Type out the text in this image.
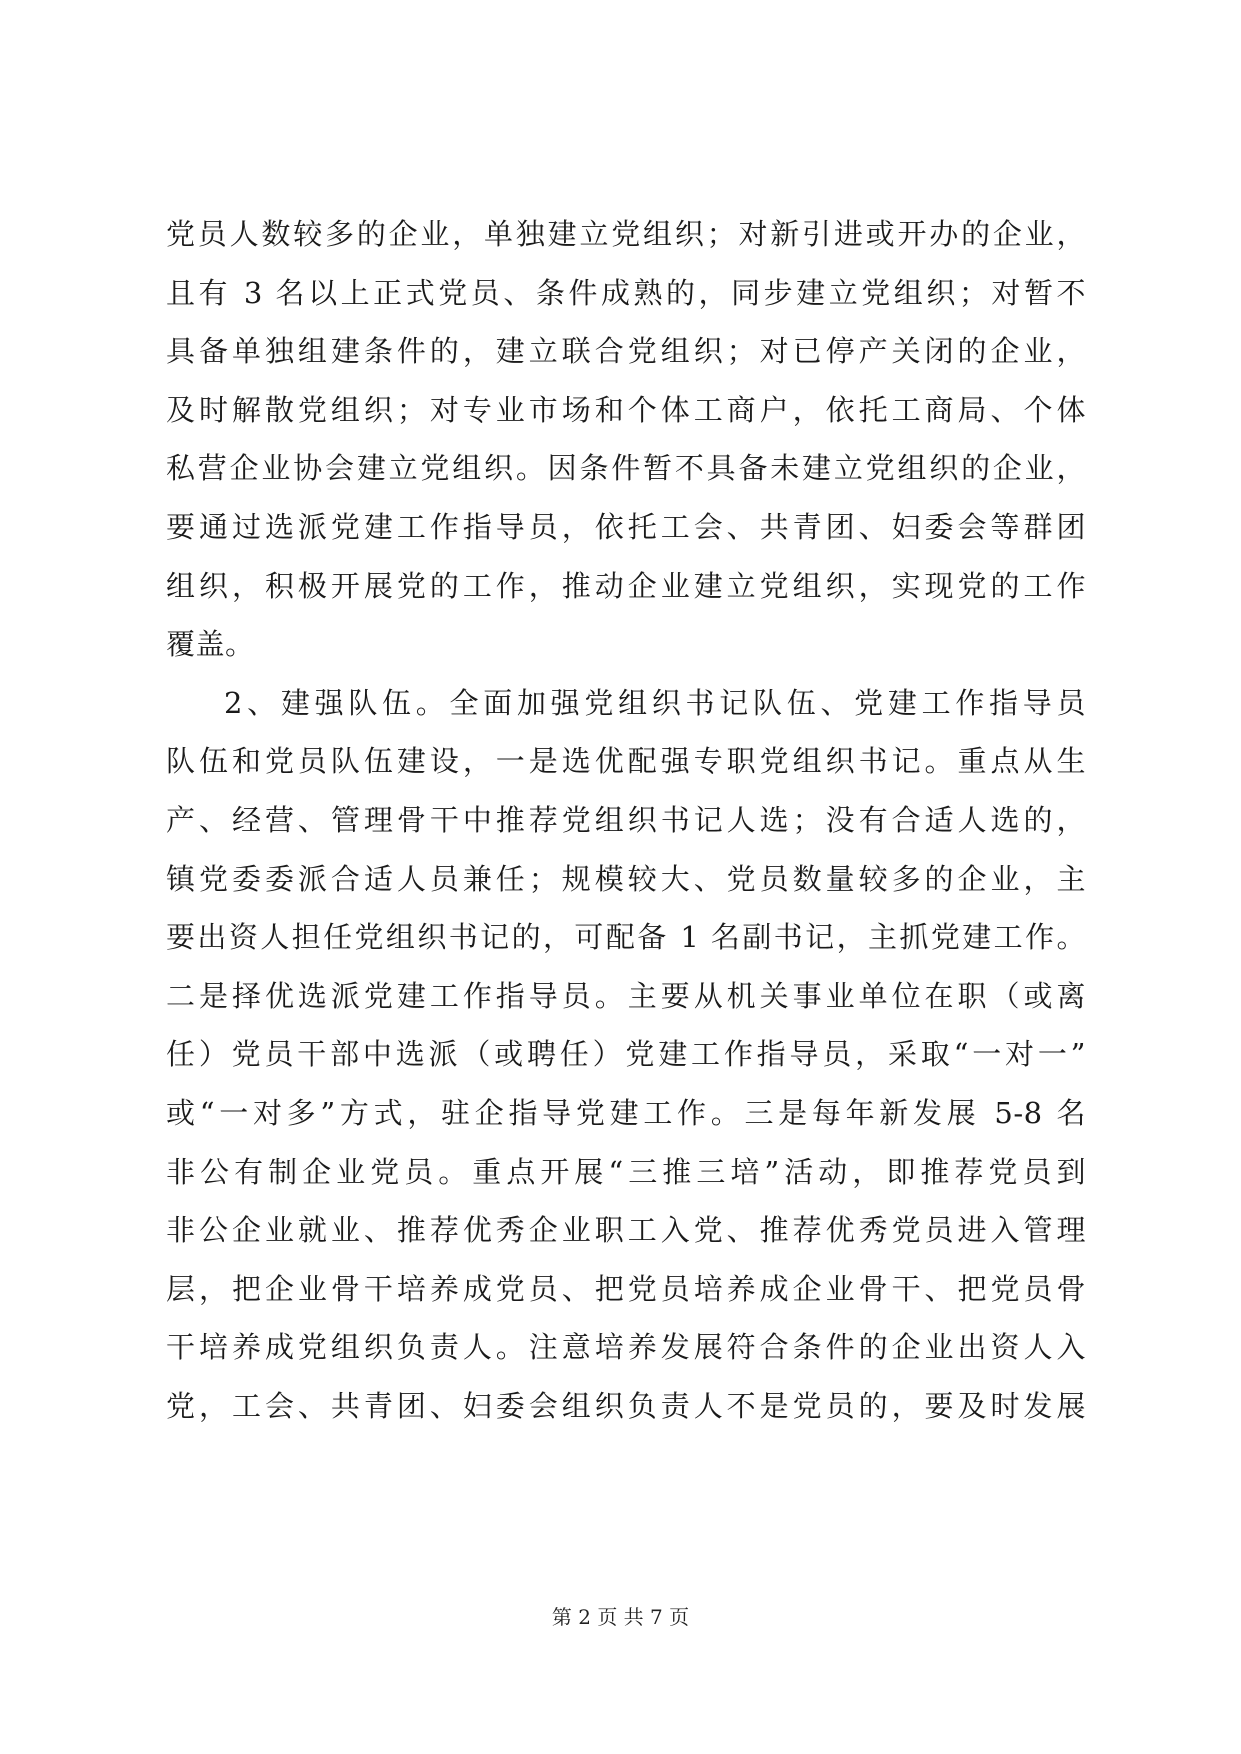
党员人数较多的企业，单独建立党组织；对新引进或开办的企业，
且有 3 名以上正式党员、条件成熟的，同步建立党组织；对暂不
具备单独组建条件的，建立联合党组织；对已停产关闭的企业，
及时解散党组织；对专业市场和个体工商户，依托工商局、个体
私营企业协会建立党组织。因条件暂不具备未建立党组织的企业，
要通过选派党建工作指导员，依托工会、共青团、妇委会等群团
组织，积极开展党的工作，推动企业建立党组织，实现党的工作
覆盖。
2、建强队伍。全面加强党组织书记队伍、党建工作指导员
队伍和党员队伍建设，一是选优配强专职党组织书记。重点从生
产、经营、管理骨干中推荐党组织书记人选；没有合适人选的，
镇党委委派合适人员兼任；规模较大、党员数量较多的企业，主
要出资人担任党组织书记的，可配备 1 名副书记，主抓党建工作。
二是择优选派党建工作指导员。主要从机关事业单位在职（或离
任）党员干部中选派（或聘任）党建工作指导员，采取“一对一”
或“一对多”方式，驻企指导党建工作。三是每年新发展 5-8 名
非公有制企业党员。重点开展“三推三培”活动，即推荐党员到
非公企业就业、推荐优秀企业职工入党、推荐优秀党员进入管理
层，把企业骨干培养成党员、把党员培养成企业骨干、把党员骨
干培养成党组织负责人。注意培养发展符合条件的企业出资人入
党，工会、共青团、妇委会组织负责人不是党员的，要及时发展
第 2 页 共 7 页
